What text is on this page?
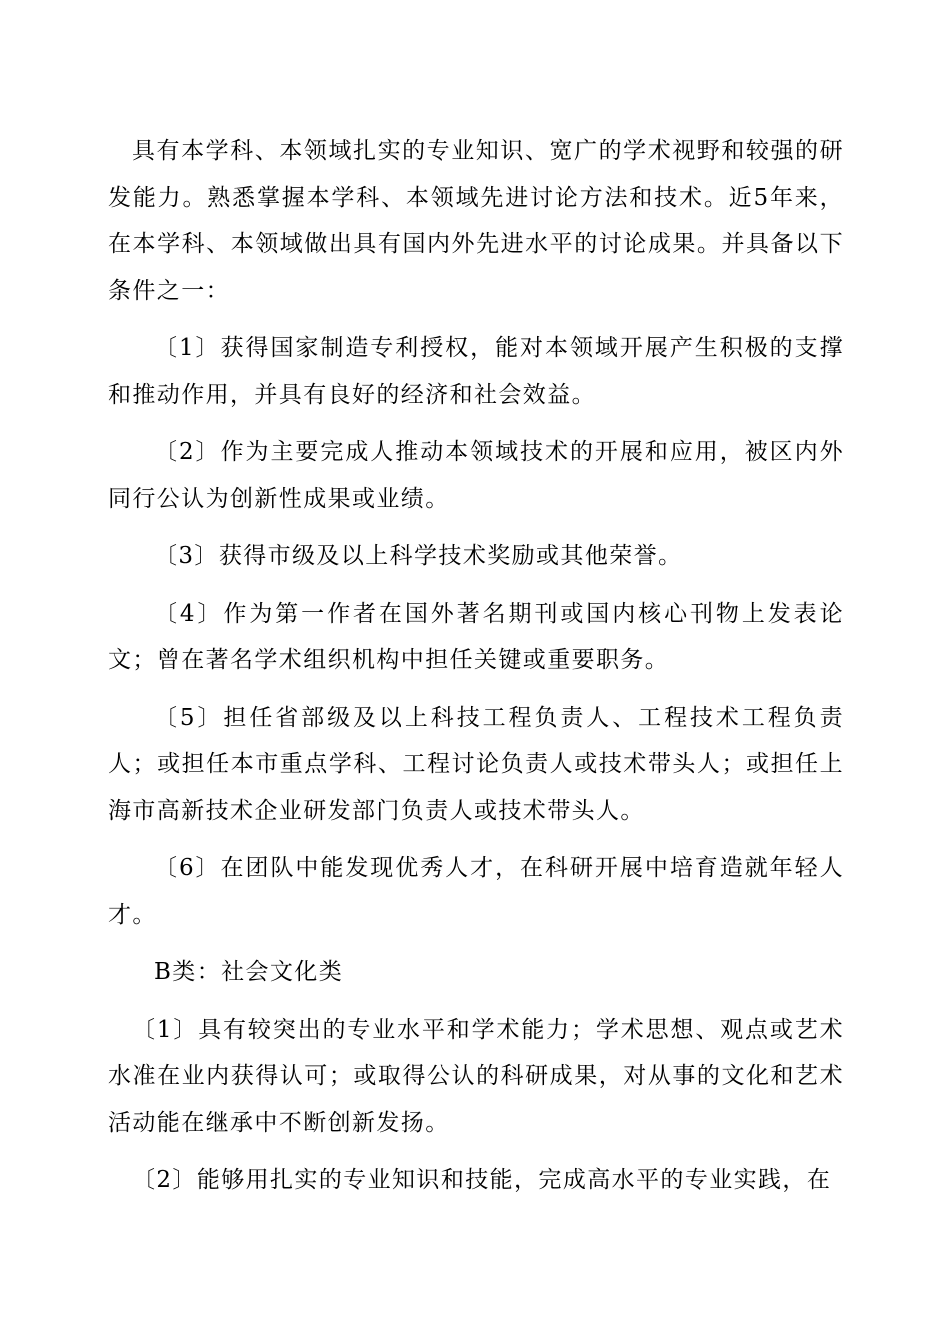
具有本学科、本领域扎实的专业知识、宽广的学术视野和较强的研发能力。熟悉掌握本学科、本领域先进讨论方法和技术。近5年来，在本学科、本领域做出具有国内外先进水平的讨论成果。并具备以下条件之一：

〔1〕获得国家制造专利授权，能对本领域开展产生积极的支撑和推动作用，并具有良好的经济和社会效益。

〔2〕作为主要完成人推动本领域技术的开展和应用，被区内外同行公认为创新性成果或业绩。

〔3〕获得市级及以上科学技术奖励或其他荣誉。

〔4〕作为第一作者在国外著名期刊或国内核心刊物上发表论文；曾在著名学术组织机构中担任关键或重要职务。

〔5〕担任省部级及以上科技工程负责人、工程技术工程负责人；或担任本市重点学科、工程讨论负责人或技术带头人；或担任上海市高新技术企业研发部门负责人或技术带头人。

〔6〕在团队中能发现优秀人才，在科研开展中培育造就年轻人才。

B类：社会文化类

〔1〕具有较突出的专业水平和学术能力；学术思想、观点或艺术水准在业内获得认可；或取得公认的科研成果，对从事的文化和艺术活动能在继承中不断创新发扬。

〔2〕能够用扎实的专业知识和技能，完成高水平的专业实践，在
